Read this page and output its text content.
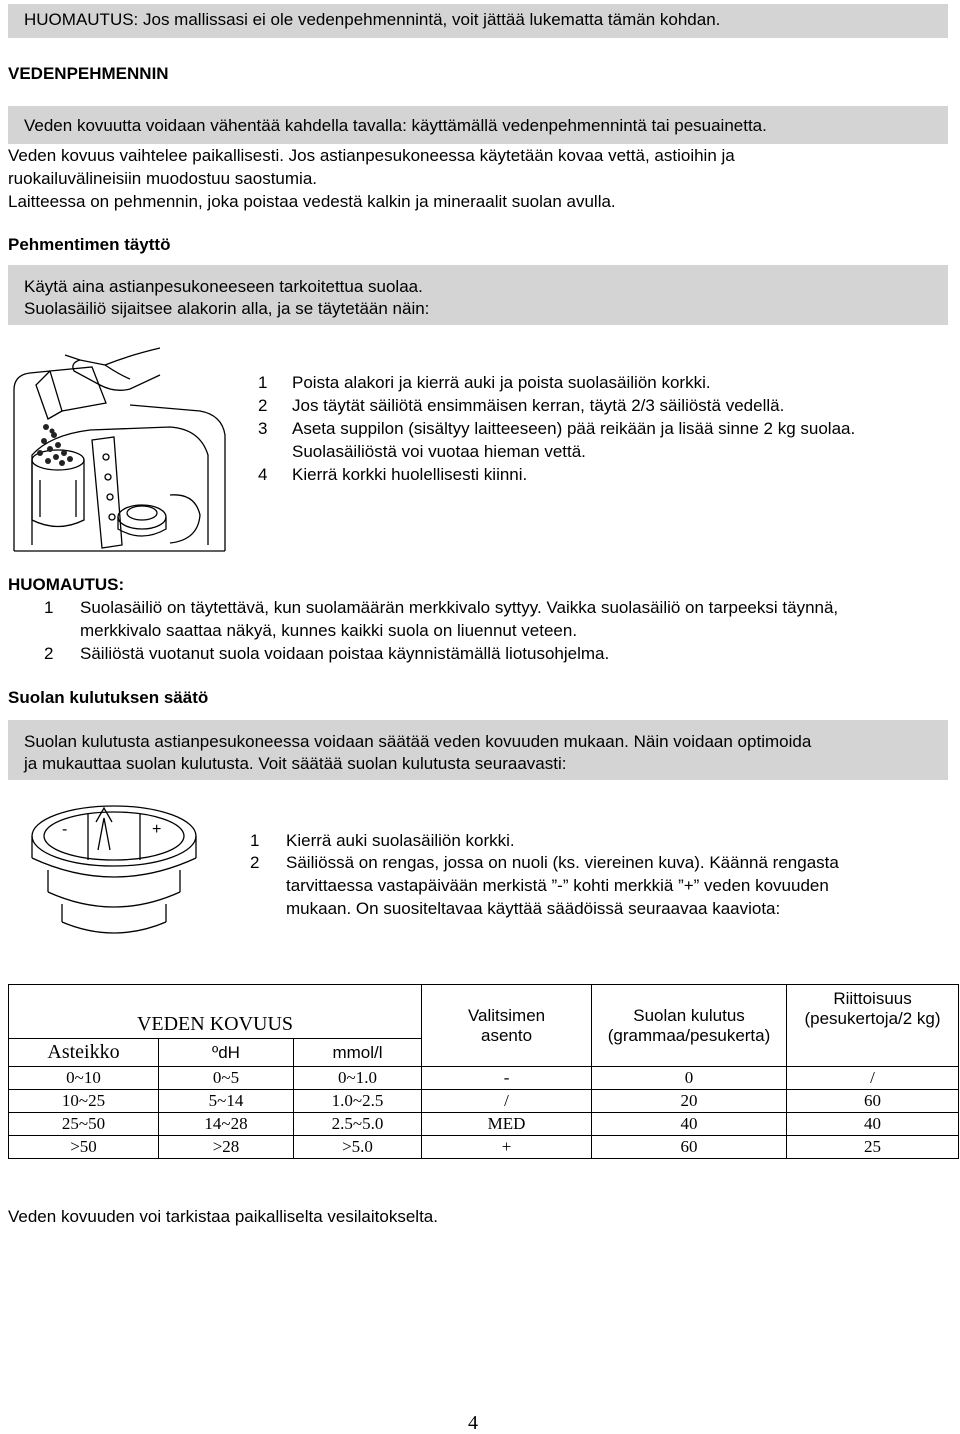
HUOMAUTUS: Jos mallissasi ei ole vedenpehmennintä, voit jättää lukematta tämän kohdan.
VEDENPEHMENNIN
Veden kovuutta voidaan vähentää kahdella tavalla: käyttämällä vedenpehmennintä tai pesuainetta.
Veden kovuus vaihtelee paikallisesti. Jos astianpesukoneessa käytetään kovaa vettä, astioihin ja
ruokailuvälineisiin muodostuu saostumia.
Laitteessa on pehmennin, joka poistaa vedestä kalkin ja mineraalit suolan avulla.
Pehmentimen täyttö
Käytä aina astianpesukoneeseen tarkoitettua suolaa.
Suolasäiliö sijaitsee alakorin alla, ja se täytetään näin:
1 Poista alakori ja kierrä auki ja poista suolasäiliön korkki.
2 Jos täytät säiliötä ensimmäisen kerran, täytä 2/3 säiliöstä vedellä.
3 Aseta suppilon (sisältyy laitteeseen) pää reikään ja lisää sinne 2 kg suolaa.
Suolasäiliöstä voi vuotaa hieman vettä.
4 Kierrä korkki huolellisesti kiinni.
HUOMAUTUS:
1 Suolasäiliö on täytettävä, kun suolamäärän merkkivalo syttyy. Vaikka suolasäiliö on tarpeeksi täynnä,
merkkivalo saattaa näkyä, kunnes kaikki suola on liuennut veteen.
2 Säiliöstä vuotanut suola voidaan poistaa käynnistämällä liotusohjelma.
Suolan kulutuksen säätö
Suolan kulutusta astianpesukoneessa voidaan säätää veden kovuuden mukaan. Näin voidaan optimoida
ja mukauttaa suolan kulutusta. Voit säätää suolan kulutusta seuraavasti:
-	+
1 Kierrä auki suolasäiliön korkki.
2 Säiliössä on rengas, jossa on nuoli (ks. viereinen kuva). Käännä rengasta
tarvittaessa vastapäivään merkistä ”-” kohti merkkiä ”+” veden kovuuden
mukaan. On suositeltavaa käyttää säädöissä seuraavaa kaaviota:
VEDEN KOVUUS			Valitsimen
asento	Suolan kulutus
(grammaa/pesukerta)	Riittoisuus
(pesukertoja/2 kg)
Asteikko	ºdH	mmol/l			
0~10	0~5	0~1.0	-	0	/
10~25	5~14	1.0~2.5	/	20	60
25~50	14~28	2.5~5.0	MED	40	40
>50	>28	>5.0	+	60	25
Veden kovuuden voi tarkistaa paikalliselta vesilaitokselta.
4
